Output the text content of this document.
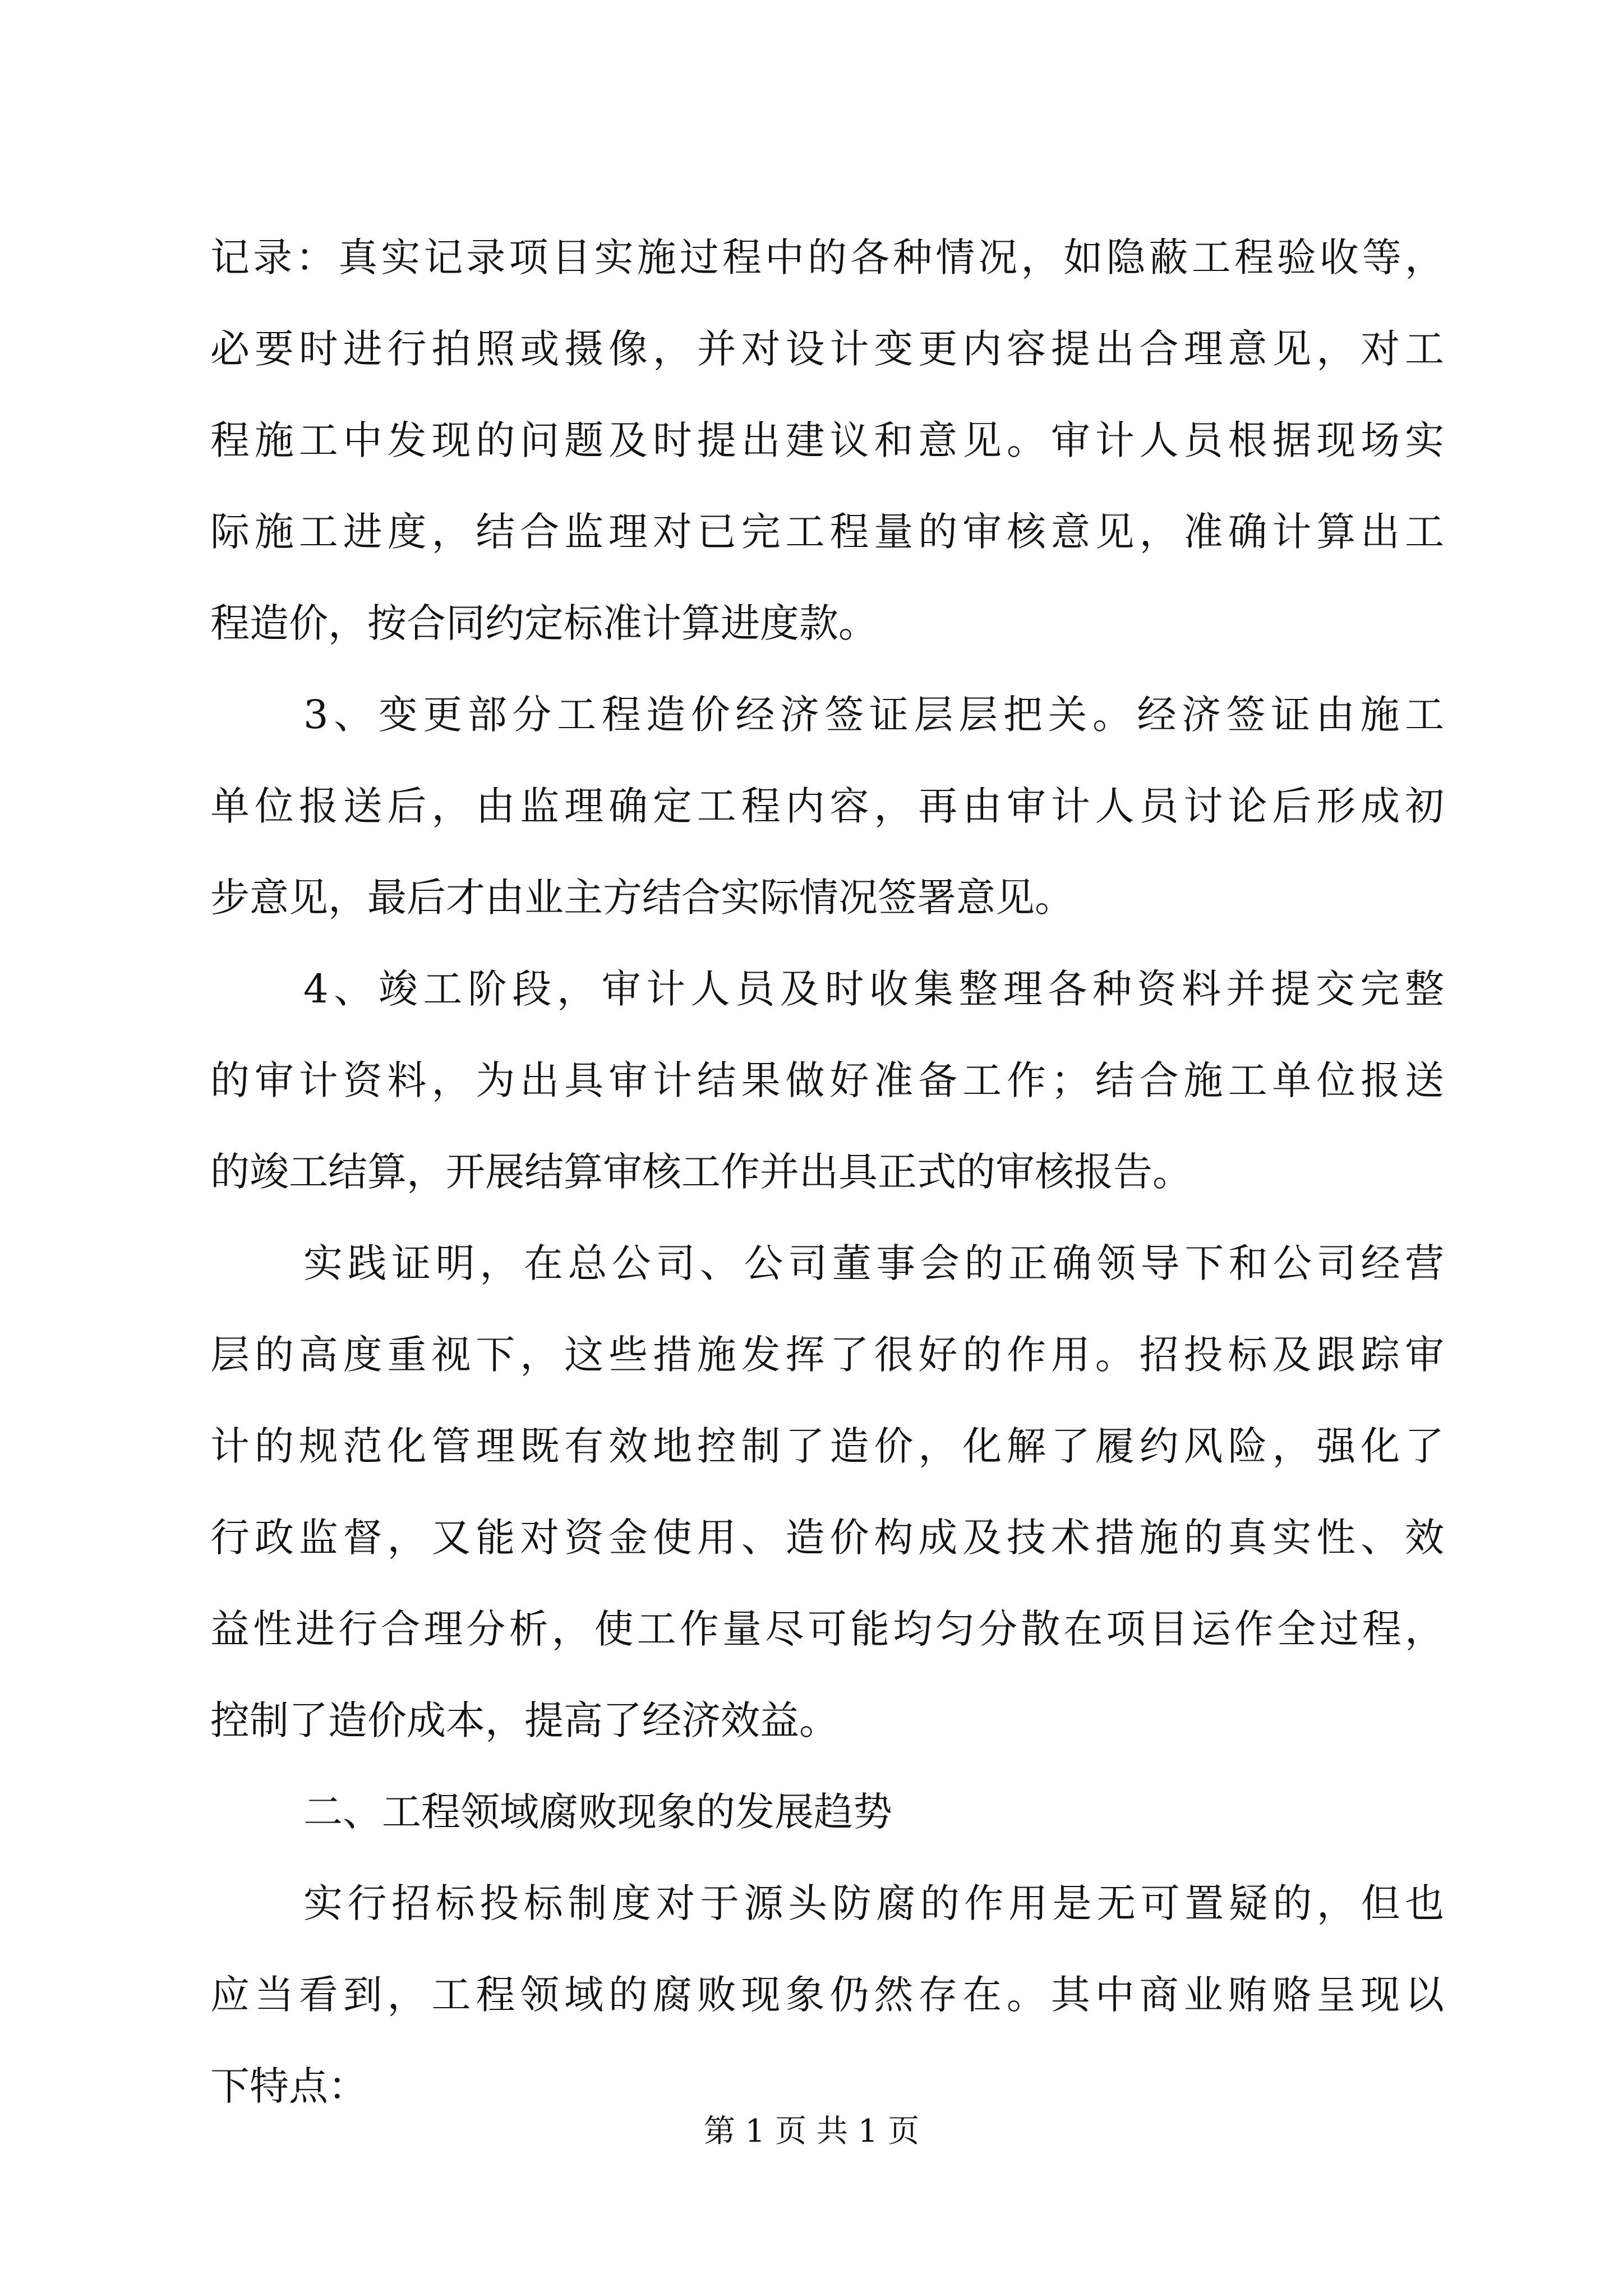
记录：真实记录项目实施过程中的各种情况，如隐蔽工程验收等，
必要时进行拍照或摄像，并对设计变更内容提出合理意见，对工
程施工中发现的问题及时提出建议和意见。审计人员根据现场实
际施工进度，结合监理对已完工程量的审核意见，准确计算出工
程造价，按合同约定标准计算进度款。
3、变更部分工程造价经济签证层层把关。经济签证由施工
单位报送后，由监理确定工程内容，再由审计人员讨论后形成初
步意见，最后才由业主方结合实际情况签署意见。
4、竣工阶段，审计人员及时收集整理各种资料并提交完整
的审计资料，为出具审计结果做好准备工作；结合施工单位报送
的竣工结算，开展结算审核工作并出具正式的审核报告。
实践证明，在总公司、公司董事会的正确领导下和公司经营
层的高度重视下，这些措施发挥了很好的作用。招投标及跟踪审
计的规范化管理既有效地控制了造价，化解了履约风险，强化了
行政监督，又能对资金使用、造价构成及技术措施的真实性、效
益性进行合理分析，使工作量尽可能均匀分散在项目运作全过程，
控制了造价成本，提高了经济效益。
二、工程领域腐败现象的发展趋势
实行招标投标制度对于源头防腐的作用是无可置疑的，但也
应当看到，工程领域的腐败现象仍然存在。其中商业贿赂呈现以
下特点：
第 1 页 共 1 页
